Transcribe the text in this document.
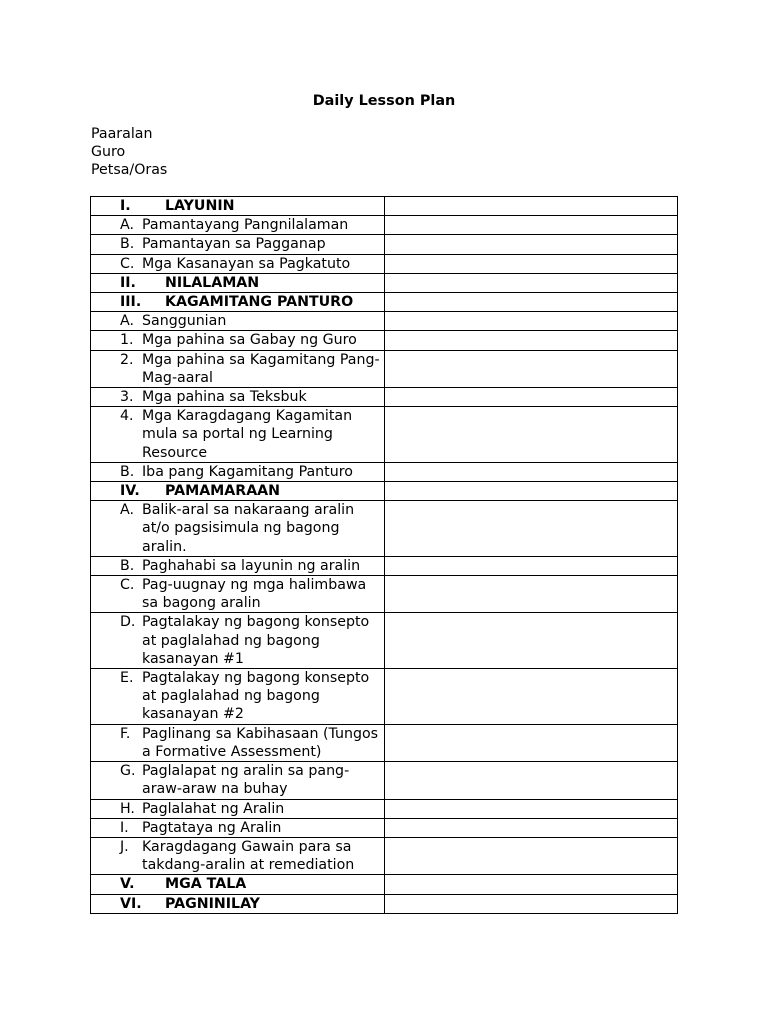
Daily Lesson Plan
Paaralan
Guro
Petsa/Oras
I. LAYUNIN	

A. Pamantayang Pangnilalaman	

B. Pamantayan sa Pagganap	

C. Mga Kasanayan sa Pagkatuto	

II. NILALAMAN	

III. KAGAMITANG PANTURO	

A. Sanggunian	

1. Mga pahina sa Gabay ng Guro	

2. Mga pahina sa Kagamitang Pang-Mag-aaral	

3. Mga pahina sa Teksbuk	

4. Mga Karagdagang Kagamitan mula sa portal ng Learning Resource	

B. Iba pang Kagamitang Panturo	

IV. PAMAMARAAN	

A. Balik-aral sa nakaraang aralin at/o pagsisimula ng bagong aralin.	

B. Paghahabi sa layunin ng aralin	

C. Pag-uugnay ng mga halimbawa sa bagong aralin	

D. Pagtalakay ng bagong konsepto at paglalahad ng bagong kasanayan #1	

E. Pagtalakay ng bagong konsepto at paglalahad ng bagong kasanayan #2	

F. Paglinang sa Kabihasaan (Tungos a Formative Assessment)	

G. Paglalapat ng aralin sa pang-araw-araw na buhay	

H. Paglalahat ng Aralin	

I. Pagtataya ng Aralin	

J. Karagdagang Gawain para sa takdang-aralin at remediation	

V. MGA TALA	

VI. PAGNINILAY	
